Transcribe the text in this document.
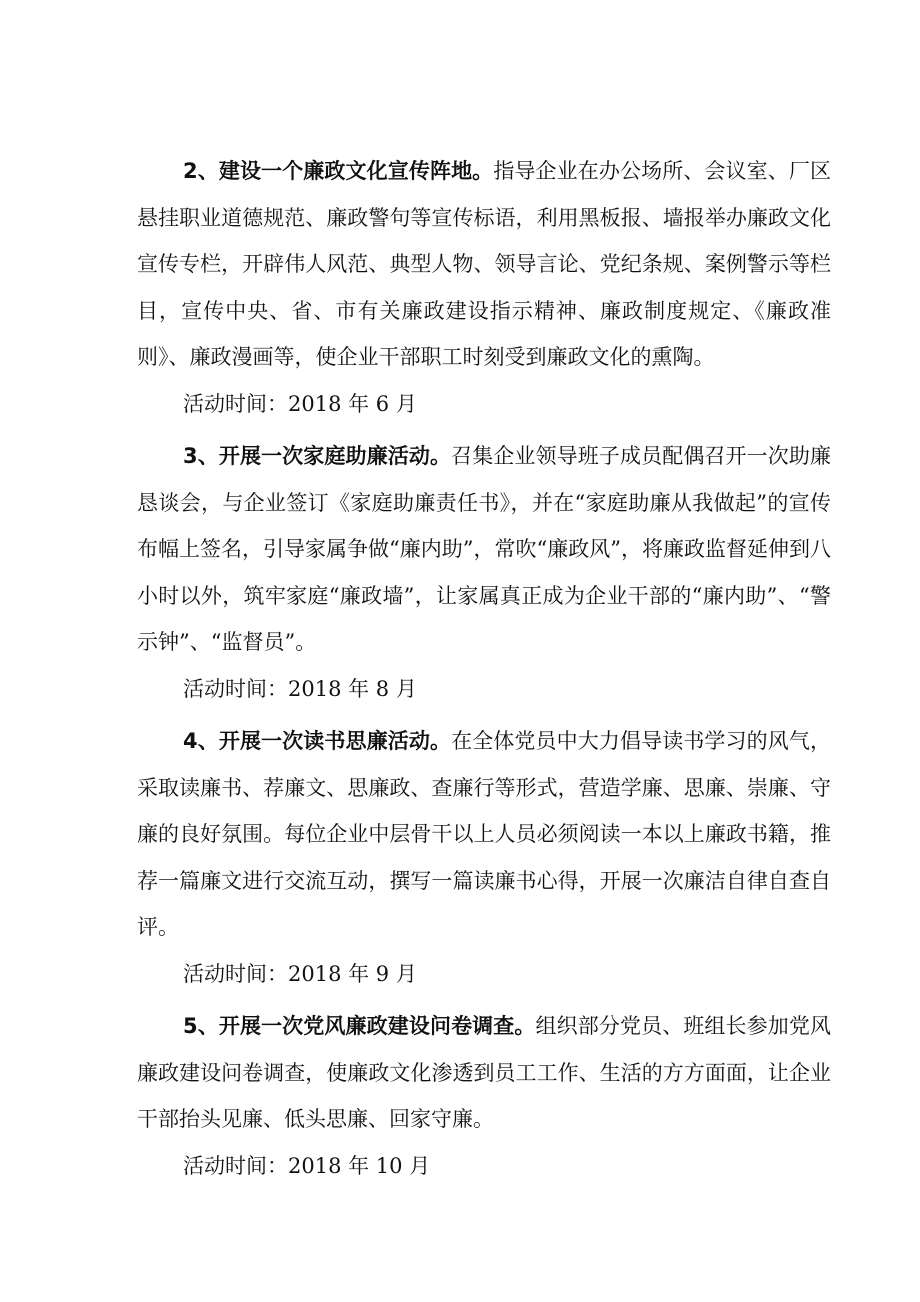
2、建设一个廉政文化宣传阵地。指导企业在办公场所、会议室、厂区悬挂职业道德规范、廉政警句等宣传标语，利用黑板报、墙报举办廉政文化宣传专栏，开辟伟人风范、典型人物、领导言论、党纪条规、案例警示等栏目，宣传中央、省、市有关廉政建设指示精神、廉政制度规定、《廉政准则》、廉政漫画等，使企业干部职工时刻受到廉政文化的熏陶。

活动时间：2018 年 6 月

3、开展一次家庭助廉活动。召集企业领导班子成员配偶召开一次助廉恳谈会，与企业签订《家庭助廉责任书》，并在“家庭助廉从我做起”的宣传布幅上签名，引导家属争做“廉内助”，常吹“廉政风”，将廉政监督延伸到八小时以外，筑牢家庭“廉政墙”，让家属真正成为企业干部的“廉内助”、“警示钟”、“监督员”。

活动时间：2018 年 8 月

4、开展一次读书思廉活动。在全体党员中大力倡导读书学习的风气，采取读廉书、荐廉文、思廉政、查廉行等形式，营造学廉、思廉、崇廉、守廉的良好氛围。每位企业中层骨干以上人员必须阅读一本以上廉政书籍，推荐一篇廉文进行交流互动，撰写一篇读廉书心得，开展一次廉洁自律自查自评。

活动时间：2018 年 9 月

5、开展一次党风廉政建设问卷调查。组织部分党员、班组长参加党风廉政建设问卷调查，使廉政文化渗透到员工工作、生活的方方面面，让企业干部抬头见廉、低头思廉、回家守廉。

活动时间：2018 年 10 月
